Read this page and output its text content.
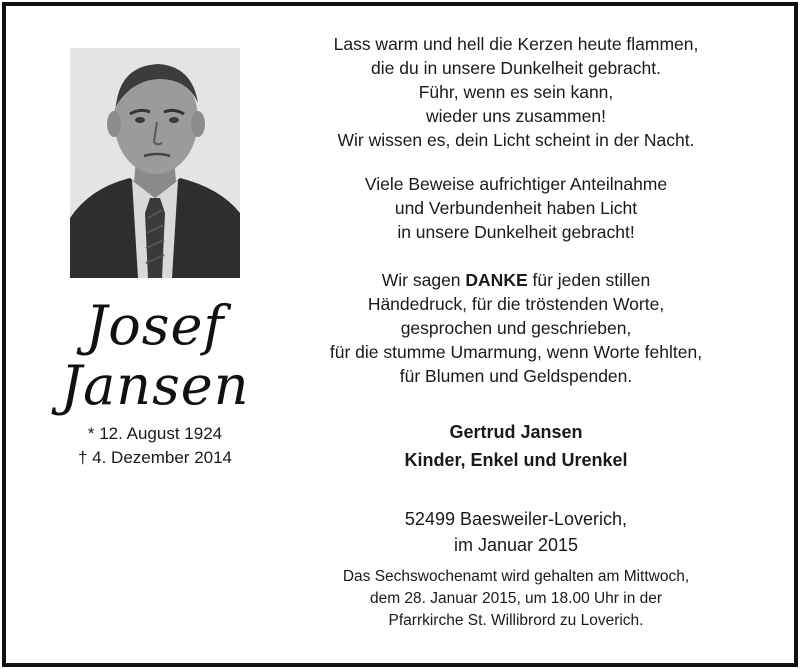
Josef
Jansen
* 12. August 1924
† 4. Dezember 2014
Lass warm und hell die Kerzen heute flammen,
die du in unsere Dunkelheit gebracht.
Führ, wenn es sein kann,
wieder uns zusammen!
Wir wissen es, dein Licht scheint in der Nacht.
Viele Beweise aufrichtiger Anteilnahme
und Verbundenheit haben Licht
in unsere Dunkelheit gebracht!
Wir sagen DANKE für jeden stillen
Händedruck, für die tröstenden Worte,
gesprochen und geschrieben,
für die stumme Umarmung, wenn Worte fehlten,
für Blumen und Geldspenden.
Gertrud Jansen
Kinder, Enkel und Urenkel
52499 Baesweiler-Loverich,
im Januar 2015
Das Sechswochenamt wird gehalten am Mittwoch,
dem 28. Januar 2015, um 18.00 Uhr in der
Pfarrkirche St. Willibrord zu Loverich.
